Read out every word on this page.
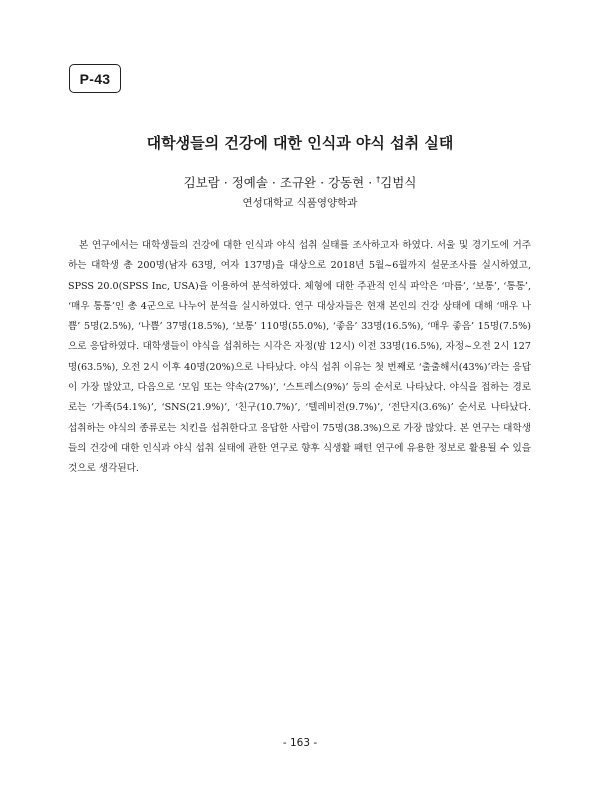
P-43
대학생들의 건강에 대한 인식과 야식 섭취 실태
김보람 · 정예솔 · 조규완 · 강동현 · †김범식
연성대학교 식품영양학과

본 연구에서는 대학생들의 건강에 대한 인식과 야식 섭취 실태를 조사하고자 하였다. 서울 및 경기도에 거주하는 대학생 총 200명(남자 63명, 여자 137명)을 대상으로 2018년 5월~6월까지 설문조사를 실시하였고, SPSS 20.0(SPSS Inc, USA)을 이용하여 분석하였다. 체형에 대한 주관적 인식 파악은 ‘마름’, ‘보통’, ‘통통’, ‘매우 통통’인 총 4군으로 나누어 분석을 실시하였다. 연구 대상자들은 현재 본인의 건강 상태에 대해 ‘매우 나쁨’ 5명(2.5%), ‘나쁨’ 37명(18.5%), ‘보통’ 110명(55.0%), ‘좋음’ 33명(16.5%), ‘매우 좋음’ 15명(7.5%)으로 응답하였다. 대학생들이 야식을 섭취하는 시각은 자정(밤 12시) 이전 33명(16.5%), 자정~오전 2시 127명(63.5%), 오전 2시 이후 40명(20%)으로 나타났다. 야식 섭취 이유는 첫 번째로 ‘출출해서(43%)’라는 응답이 가장 많았고, 다음으로 ‘모임 또는 약속(27%)’, ‘스트레스(9%)’ 등의 순서로 나타났다. 야식을 접하는 경로로는 ‘가족(54.1%)’, ‘SNS(21.9%)’, ‘친구(10.7%)’, ‘텔레비전(9.7%)’, ‘전단지(3.6%)’ 순서로 나타났다. 섭취하는 야식의 종류로는 치킨을 섭취한다고 응답한 사람이 75명(38.3%)으로 가장 많았다. 본 연구는 대학생들의 건강에 대한 인식과 야식 섭취 실태에 관한 연구로 향후 식생활 패턴 연구에 유용한 정보로 활용될 수 있을 것으로 생각된다.

- 163 -
